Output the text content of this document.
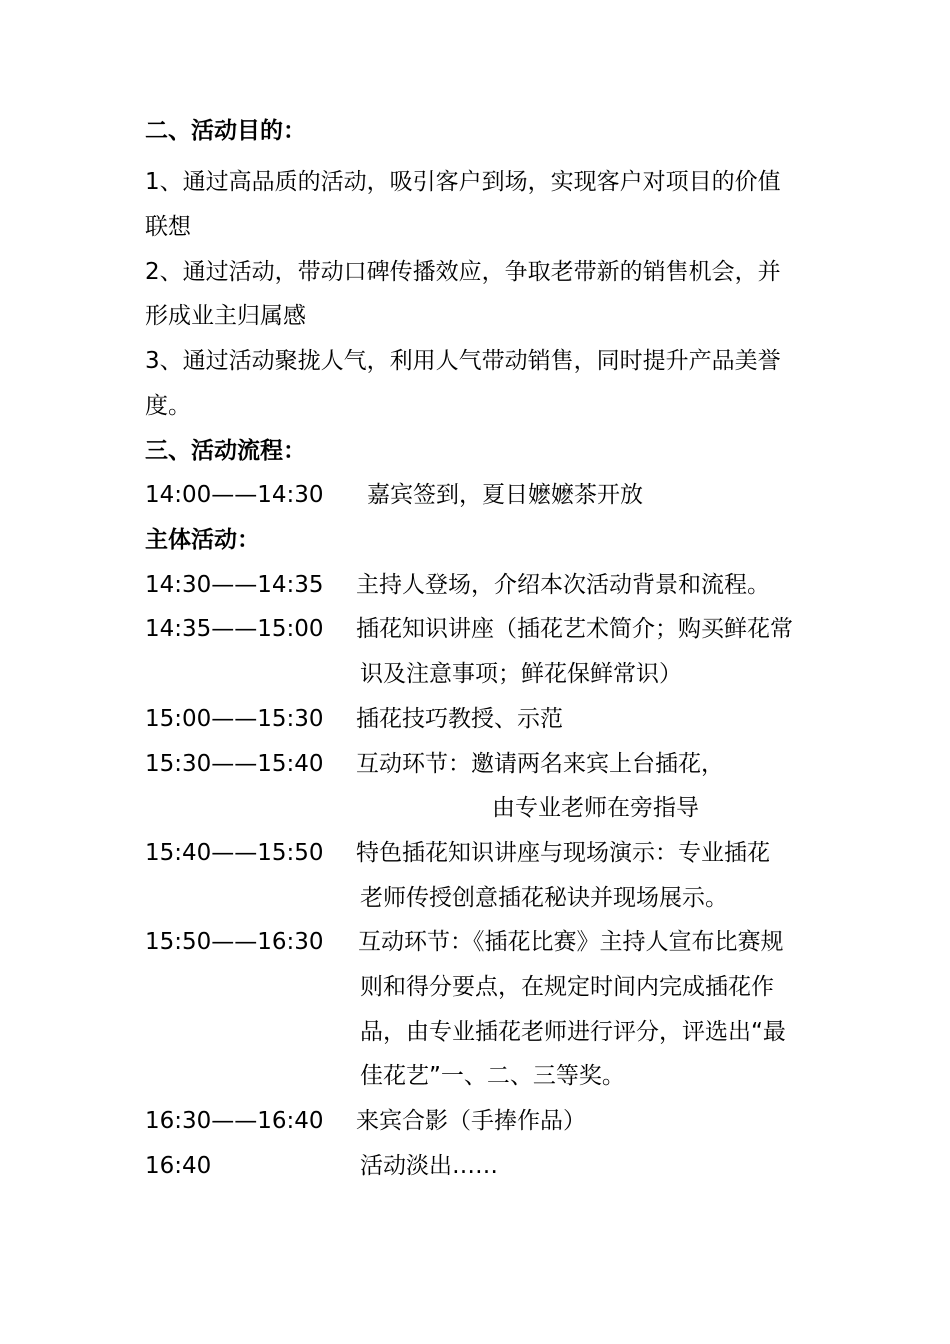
二、活动目的：
1、通过高品质的活动，吸引客户到场，实现客户对项目的价值
联想
2、通过活动，带动口碑传播效应，争取老带新的销售机会，并
形成业主归属感
3、通过活动聚拢人气，利用人气带动销售，同时提升产品美誉
度。
三、活动流程：
14:00——14:30 嘉宾签到，夏日嬷嬷茶开放
主体活动：
14:30——14:35 主持人登场，介绍本次活动背景和流程。
14:35——15:00 插花知识讲座（插花艺术简介；购买鲜花常
识及注意事项；鲜花保鲜常识）
15:00——15:30 插花技巧教授、示范
15:30——15:40 互动环节：邀请两名来宾上台插花，
由专业老师在旁指导
15:40——15:50 特色插花知识讲座与现场演示：专业插花
老师传授创意插花秘诀并现场展示。
15:50——16:30 互动环节：《插花比赛》主持人宣布比赛规
则和得分要点，在规定时间内完成插花作
品，由专业插花老师进行评分，评选出“最
佳花艺”一、二、三等奖。
16:30——16:40 来宾合影（手捧作品）
16:40	活动淡出……
